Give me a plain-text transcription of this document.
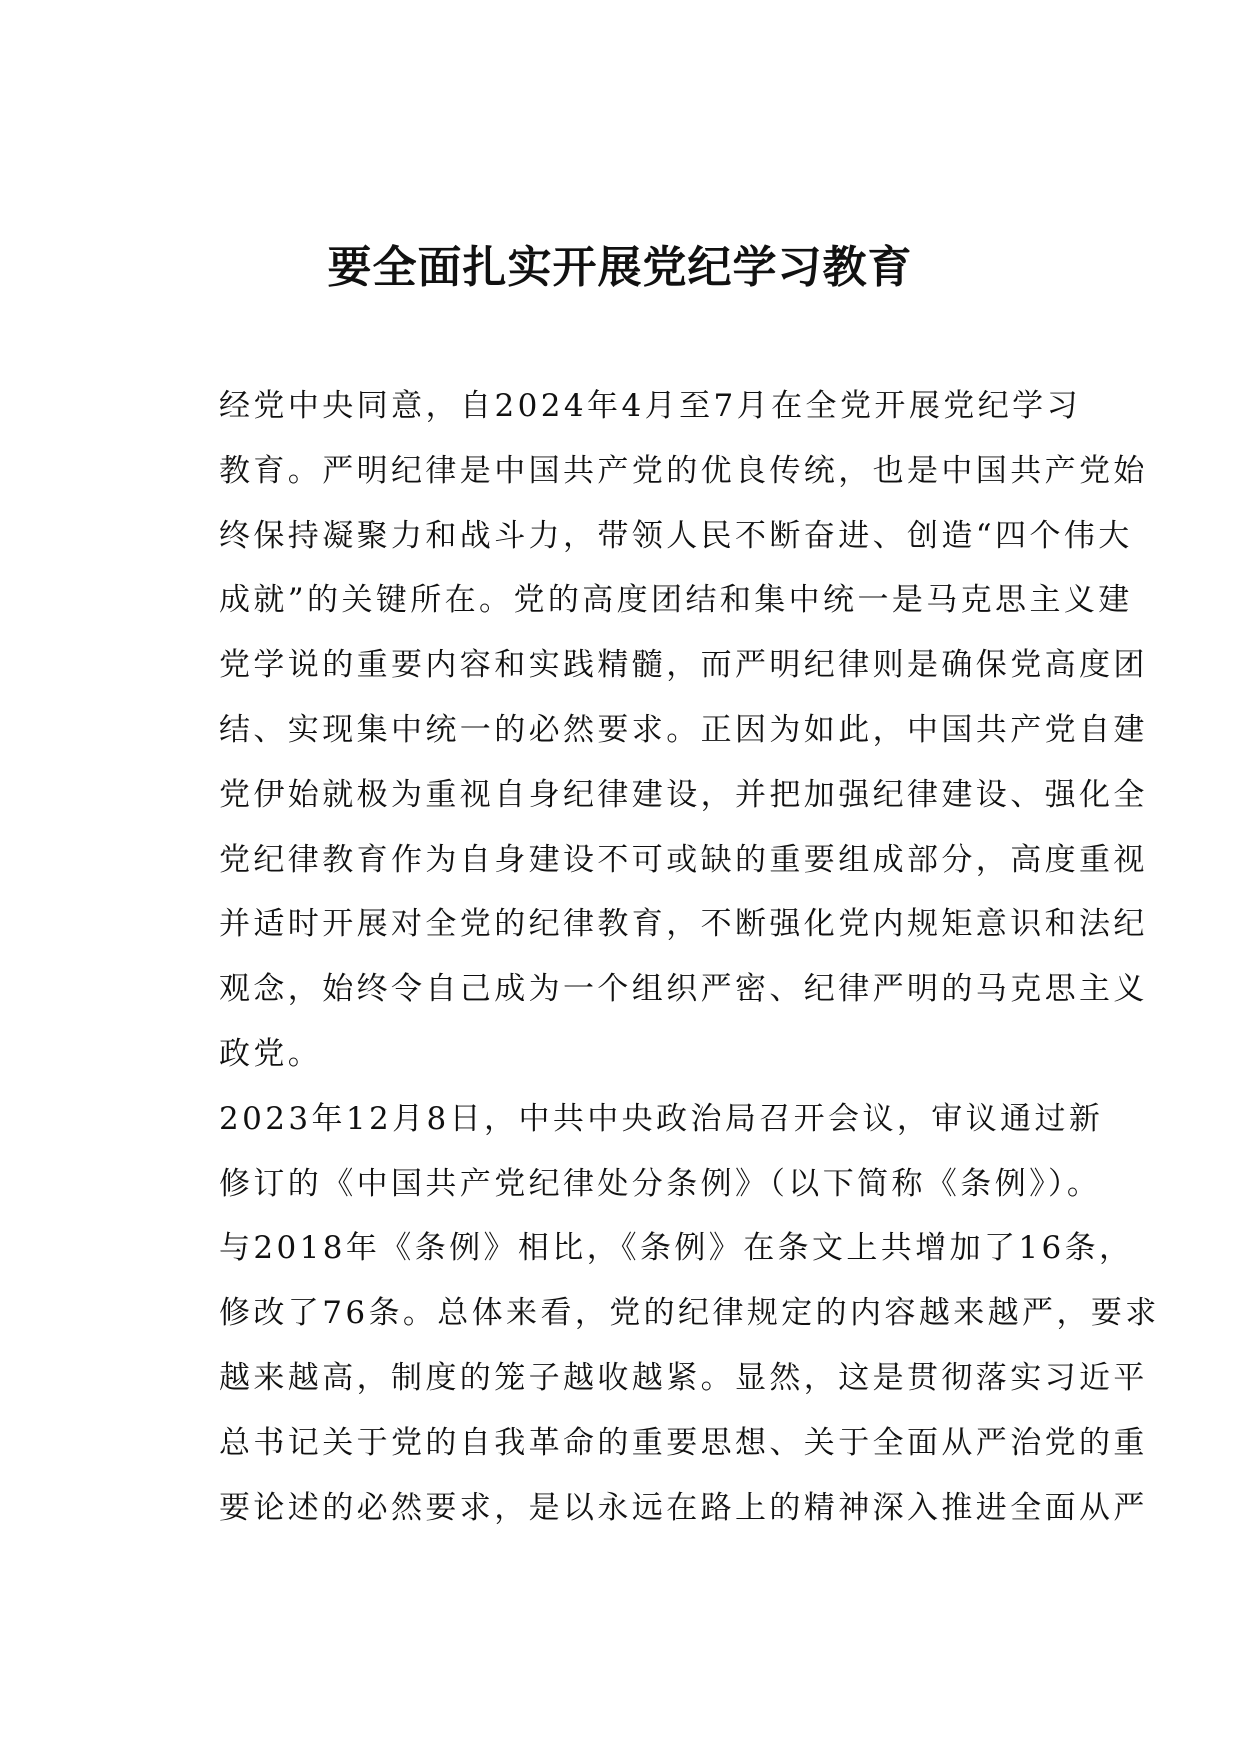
要全面扎实开展党纪学习教育

经党中央同意，自2024年4月至7月在全党开展党纪学习
教育。严明纪律是中国共产党的优良传统，也是中国共产党始
终保持凝聚力和战斗力，带领人民不断奋进、创造“四个伟大
成就”的关键所在。党的高度团结和集中统一是马克思主义建
党学说的重要内容和实践精髓，而严明纪律则是确保党高度团
结、实现集中统一的必然要求。正因为如此，中国共产党自建
党伊始就极为重视自身纪律建设，并把加强纪律建设、强化全
党纪律教育作为自身建设不可或缺的重要组成部分，高度重视
并适时开展对全党的纪律教育，不断强化党内规矩意识和法纪
观念，始终令自己成为一个组织严密、纪律严明的马克思主义
政党。

2023年12月8日，中共中央政治局召开会议，审议通过新
修订的《中国共产党纪律处分条例》（以下简称《条例》）。
与2018年《条例》相比，《条例》在条文上共增加了16条，
修改了76条。总体来看，党的纪律规定的内容越来越严，要求
越来越高，制度的笼子越收越紧。显然，这是贯彻落实习近平
总书记关于党的自我革命的重要思想、关于全面从严治党的重
要论述的必然要求，是以永远在路上的精神深入推进全面从严
